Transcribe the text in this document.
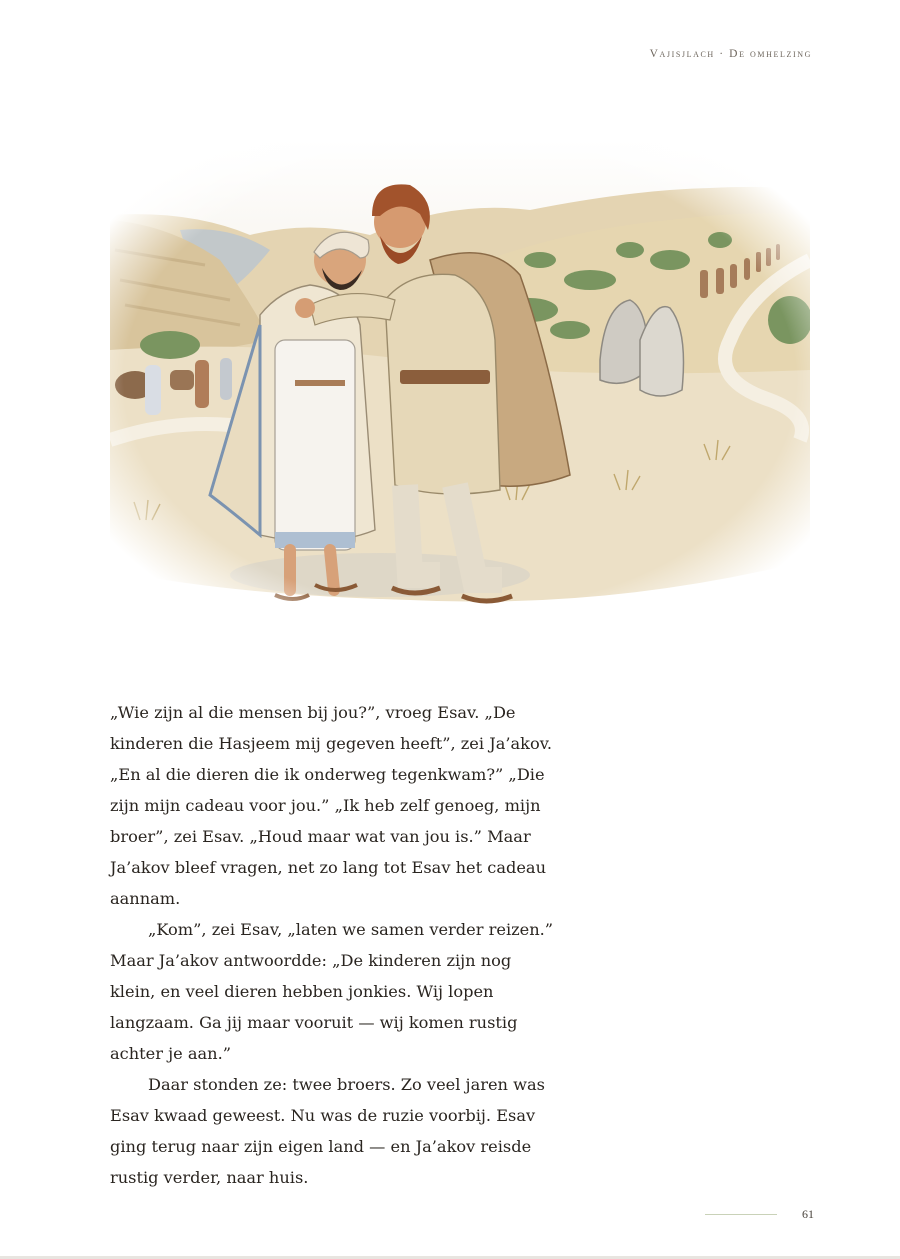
Vajisjlach · De omhelzing

„Wie zijn al die mensen bij jou?”, vroeg Esav. „De kinderen die Hasjeem mij gegeven heeft”, zei Ja’akov. „En al die dieren die ik onderweg tegenkwam?” „Die zijn mijn cadeau voor jou.” „Ik heb zelf genoeg, mijn broer”, zei Esav. „Houd maar wat van jou is.” Maar Ja’akov bleef vragen, net zo lang tot Esav het cadeau aannam.

„Kom”, zei Esav, „laten we samen verder reizen.” Maar Ja’akov antwoordde: „De kinderen zijn nog klein, en veel dieren hebben jonkies. Wij lopen langzaam. Ga jij maar vooruit — wij komen rustig achter je aan.”

Daar stonden ze: twee broers. Zo veel jaren was Esav kwaad geweest. Nu was de ruzie voorbij. Esav ging terug naar zijn eigen land — en Ja’akov reisde rustig verder, naar huis.

61
